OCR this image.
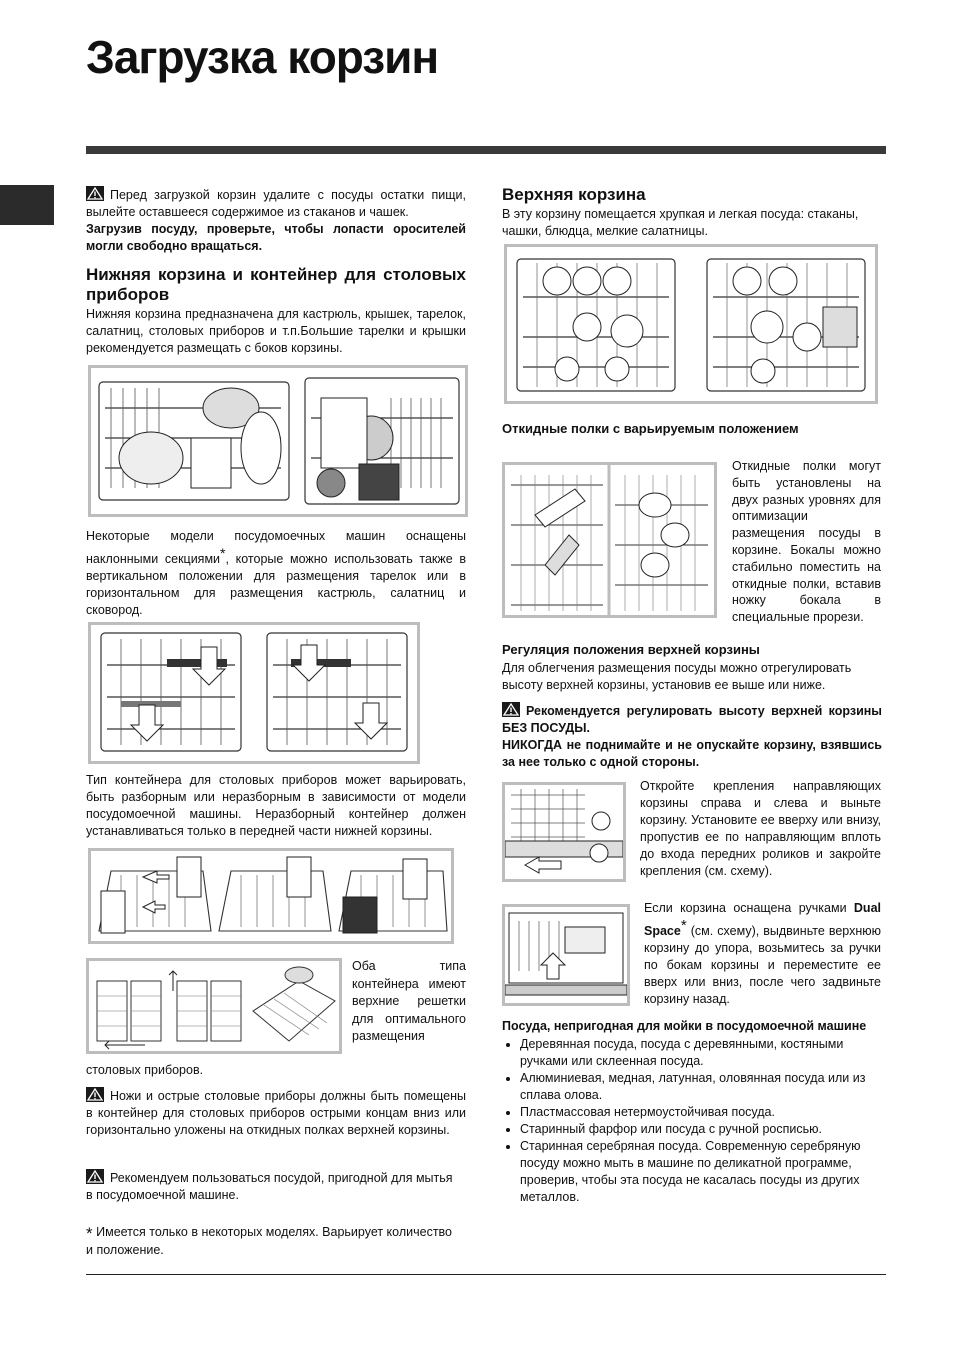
Загрузка корзин
Перед загрузкой корзин удалите с посуды остатки пищи, вылейте оставшееся содержимое из стаканов и чашек.
Загрузив посуду, проверьте, чтобы лопасти оросителей могли свободно вращаться.
Нижняя корзина и контейнер для столовых приборов
Нижняя корзина предназначена для кастрюль, крышек, тарелок, салатниц, столовых приборов и т.п.Большие тарелки и крышки рекомендуется размещать с боков корзины.
Некоторые модели посудомоечных машин оснащены наклонными секциями*, которые можно использовать также в вертикальном положении для размещения тарелок или в горизонтальном для размещения кастрюль, салатниц и сковород.
Тип контейнера для столовых приборов может варьировать, быть разборным или неразборным в зависимости от модели посудомоечной машины. Неразборный контейнер должен устанавливаться только в передней части нижней корзины.
Оба типа контейнера имеют верхние решетки для оптимального размещения
столовых приборов.
Ножи и острые столовые приборы должны быть помещены в контейнер для столовых приборов острыми концам вниз или горизонтально уложены на откидных полках верхней корзины.
Рекомендуем пользоваться посудой, пригодной для мытья в посудомоечной машине.
* Имеется только в некоторых моделях. Варьирует количество и положение.
Верхняя корзина
В эту корзину помещается хрупкая и легкая посуда: стаканы, чашки, блюдца, мелкие салатницы.
Откидные полки с варьируемым положением
Откидные полки могут быть установлены на двух разных уровнях для оптимизации размещения посуды в корзине. Бокалы можно стабильно поместить на откидные полки, вставив ножку бокала в специальные прорези.
Регуляция положения верхней корзины
Для облегчения размещения посуды можно отрегулировать высоту верхней корзины, установив ее выше или ниже.
Рекомендуется регулировать высоту верхней корзины БЕЗ ПОСУДЫ.
НИКОГДА не поднимайте и не опускайте корзину, взявшись за нее только с одной стороны.
Откройте крепления направляющих корзины справа и слева и выньте корзину. Установите ее вверху или внизу, пропустив ее по направляющим вплоть до входа передних роликов и закройте крепления (см. схему).
Если корзина оснащена ручками Dual Space* (см. схему), выдвиньте верхнюю корзину до упора, возьмитесь за ручки по бокам корзины и переместите ее вверх или вниз, после чего задвиньте корзину назад.
Посуда, непригодная для мойки в посудомоечной машине
• Деревянная посуда, посуда с деревянными, костяными ручками или склеенная посуда.
• Алюминиевая, медная, латунная, оловянная посуда или из сплава олова.
• Пластмассовая нетермоустойчивая посуда.
• Старинный фарфор или посуда с ручной росписью.
• Старинная серебряная посуда. Современную серебряную посуду можно мыть в машине по деликатной программе, проверив, чтобы эта посуда не касалась посуды из других металлов.
